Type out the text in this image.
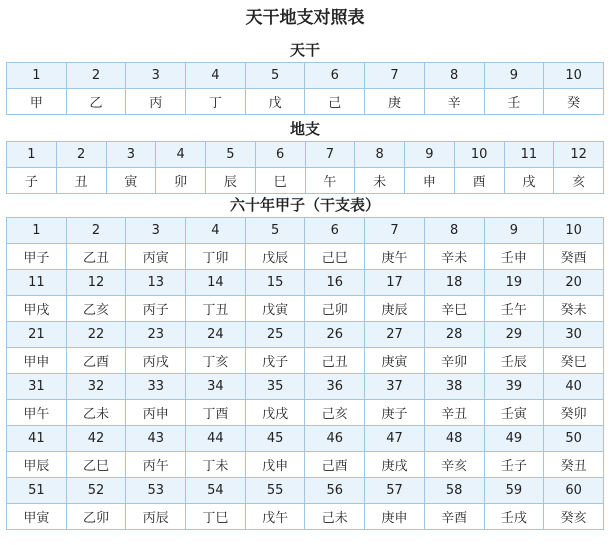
天干地支对照表
天干
1	2	3	4	5	6	7	8	9	10
甲	乙	丙	丁	戊	己	庚	辛	壬	癸
地支
1	2	3	4	5	6	7	8	9	10	11	12
子	丑	寅	卯	辰	巳	午	未	申	酉	戌	亥
六十年甲子（干支表）
1	2	3	4	5	6	7	8	9	10
甲子	乙丑	丙寅	丁卯	戊辰	己巳	庚午	辛未	壬申	癸酉
11	12	13	14	15	16	17	18	19	20
甲戌	乙亥	丙子	丁丑	戊寅	己卯	庚辰	辛巳	壬午	癸未
21	22	23	24	25	26	27	28	29	30
甲申	乙酉	丙戌	丁亥	戊子	己丑	庚寅	辛卯	壬辰	癸巳
31	32	33	34	35	36	37	38	39	40
甲午	乙未	丙申	丁酉	戊戌	己亥	庚子	辛丑	壬寅	癸卯
41	42	43	44	45	46	47	48	49	50
甲辰	乙巳	丙午	丁未	戊申	己酉	庚戌	辛亥	壬子	癸丑
51	52	53	54	55	56	57	58	59	60
甲寅	乙卯	丙辰	丁巳	戊午	己未	庚申	辛酉	壬戌	癸亥
